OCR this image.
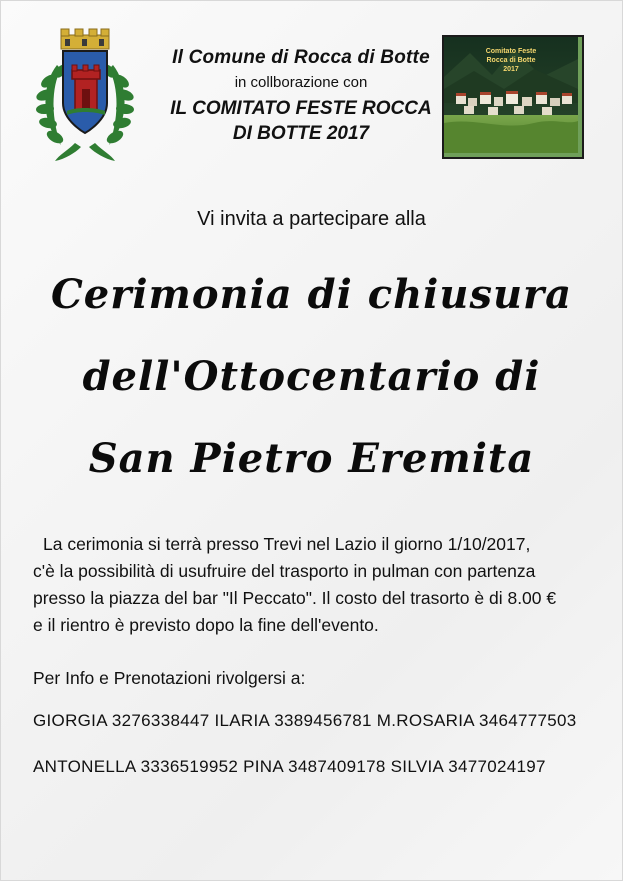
Il Comune di Rocca di Botte
in collborazione con
IL COMITATO FESTE ROCCA
DI BOTTE 2017
Comitato Feste
Rocca di Botte
2017
Vi invita a partecipare alla
Cerimonia di chiusura
dell'Ottocentario di
San Pietro Eremita
La cerimonia si terrà presso Trevi nel Lazio il giorno 1/10/2017,
c'è la possibilità di usufruire del trasporto in pulman con partenza
presso la piazza del bar "Il Peccato". Il costo del trasorto è di 8.00 €
e il rientro è previsto dopo la fine dell'evento.
Per Info e Prenotazioni rivolgersi a:
GIORGIA 3276338447 ILARIA 3389456781 M.ROSARIA 3464777503
ANTONELLA 3336519952 PINA 3487409178 SILVIA 3477024197
